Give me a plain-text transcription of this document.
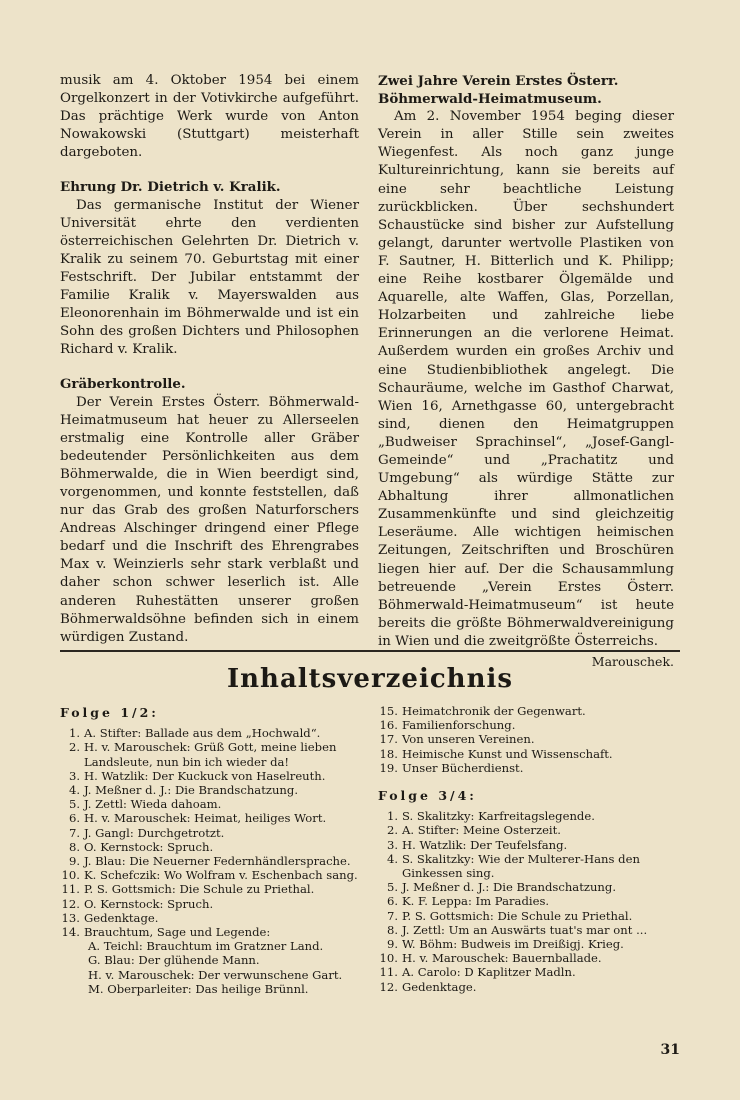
musik am 4. Oktober 1954 bei einem Orgelkonzert in der Votivkirche aufgeführt. Das prächtige Werk wurde von Anton Nowakowski (Stuttgart) meisterhaft dargeboten.

Ehrung Dr. Dietrich v. Kralik.

Das germanische Institut der Wiener Universität ehrte den verdienten österreichischen Gelehrten Dr. Dietrich v. Kralik zu seinem 70. Geburtstag mit einer Festschrift. Der Jubilar entstammt der Familie Kralik v. Mayerswalden aus Eleonorenhain im Böhmerwalde und ist ein Sohn des großen Dichters und Philosophen Richard v. Kralik.

Gräberkontrolle.

Der Verein Erstes Österr. Böhmerwald-Heimatmuseum hat heuer zu Allerseelen erstmalig eine Kontrolle aller Gräber bedeutender Persönlichkeiten aus dem Böhmerwalde, die in Wien beerdigt sind, vorgenommen, und konnte feststellen, daß nur das Grab des großen Naturforschers Andreas Alschinger dringend einer Pflege bedarf und die Inschrift des Ehrengrabes Max v. Weinzierls sehr stark verblaßt und daher schon schwer leserlich ist. Alle anderen Ruhestätten unserer großen Böhmerwaldsöhne befinden sich in einem würdigen Zustand.

Zwei Jahre Verein Erstes Österr. Böhmerwald-Heimatmuseum.

Am 2. November 1954 beging dieser Verein in aller Stille sein zweites Wiegenfest. Als noch ganz junge Kultureinrichtung, kann sie bereits auf eine sehr beachtliche Leistung zurückblicken. Über sechshundert Schaustücke sind bisher zur Aufstellung gelangt, darunter wertvolle Plastiken von F. Sautner, H. Bitterlich und K. Philipp; eine Reihe kostbarer Ölgemälde und Aquarelle, alte Waffen, Glas, Porzellan, Holzarbeiten und zahlreiche liebe Erinnerungen an die verlorene Heimat. Außerdem wurden ein großes Archiv und eine Studienbibliothek angelegt. Die Schauräume, welche im Gasthof Charwat, Wien 16, Arnethgasse 60, untergebracht sind, dienen den Heimatgruppen „Budweiser Sprachinsel“, „Josef-Gangl-Gemeinde“ und „Prachatitz und Umgebung“ als würdige Stätte zur Abhaltung ihrer allmonatlichen Zusammenkünfte und sind gleichzeitig Leseräume. Alle wichtigen heimischen Zeitungen, Zeitschriften und Broschüren liegen hier auf. Der die Schausammlung betreuende „Verein Erstes Österr. Böhmerwald-Heimatmuseum“ ist heute bereits die größte Böhmerwaldvereinigung in Wien und die zweitgrößte Österreichs.

Marouschek.
Inhaltsverzeichnis
Folge 1/2:
1. A. Stifter: Ballade aus dem „Hochwald“.
2. H. v. Marouschek: Grüß Gott, meine lieben Landsleute, nun bin ich wieder da!
3. H. Watzlik: Der Kuckuck von Haselreuth.
4. J. Meßner d. J.: Die Brandschatzung.
5. J. Zettl: Wieda dahoam.
6. H. v. Marouschek: Heimat, heiliges Wort.
7. J. Gangl: Durchgetrotzt.
8. O. Kernstock: Spruch.
9. J. Blau: Die Neuerner Federnhändlersprache.
10. K. Schefczik: Wo Wolfram v. Eschenbach sang.
11. P. S. Gottsmich: Die Schule zu Priethal.
12. O. Kernstock: Spruch.
13. Gedenktage.
14. Brauchtum, Sage und Legende:
A. Teichl: Brauchtum im Gratzner Land.
G. Blau: Der glühende Mann.
H. v. Marouschek: Der verwunschene Gart.
M. Oberparleiter: Das heilige Brünnl.
15. Heimatchronik der Gegenwart.
16. Familienforschung.
17. Von unseren Vereinen.
18. Heimische Kunst und Wissenschaft.
19. Unser Bücherdienst.
Folge 3/4:
1. S. Skalitzky: Karfreitagslegende.
2. A. Stifter: Meine Osterzeit.
3. H. Watzlik: Der Teufelsfang.
4. S. Skalitzky: Wie der Multerer-Hans den Ginkessen sing.
5. J. Meßner d. J.: Die Brandschatzung.
6. K. F. Leppa: Im Paradies.
7. P. S. Gottsmich: Die Schule zu Priethal.
8. J. Zettl: Um an Auswärts tuat's mar ont ...
9. W. Böhm: Budweis im Dreißigj. Krieg.
10. H. v. Marouschek: Bauernballade.
11. A. Carolo: D Kaplitzer Madln.
12. Gedenktage.
31
